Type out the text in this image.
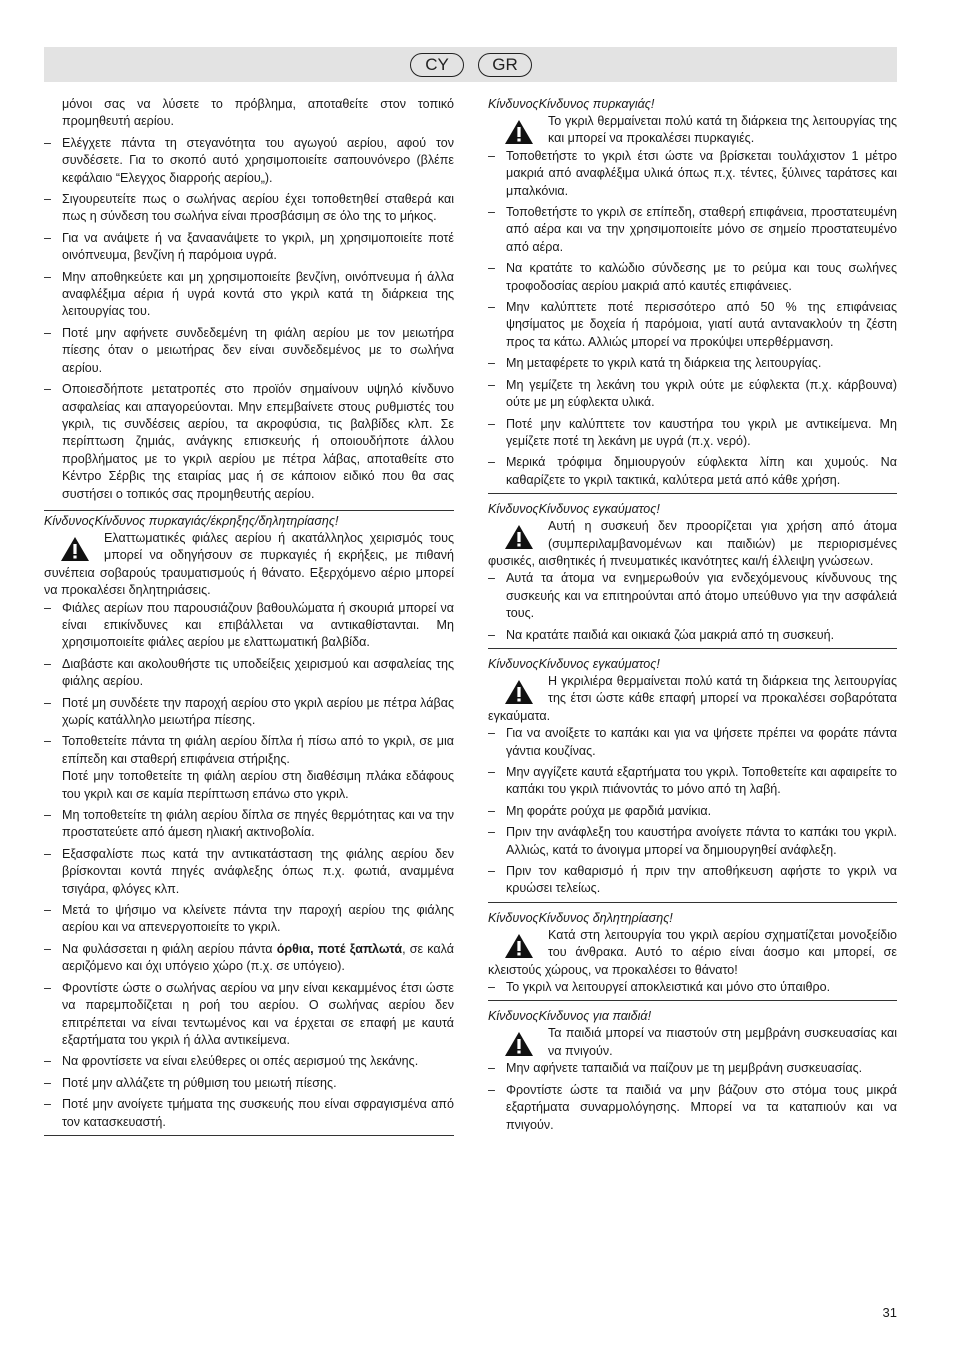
CY	GR

μόνοι σας να λύσετε το πρόβλημα, αποταθείτε στον τοπικό προμηθευτή αερίου.

– Ελέγχετε πάντα τη στεγανότητα του αγωγού αερίου, αφού τον συνδέσετε. Για το σκοπό αυτό χρησιμοποιείτε σαπουνόνερο (βλέπε κεφάλαιο “Ελεγχος διαρροής αερίου„).
– Σιγουρευτείτε πως ο σωλήνας αερίου έχει τοποθετηθεί σταθερά και πως η σύνδεση του σωλήνα είναι προσβάσιμη σε όλο της το μήκος.
– Για να ανάψετε ή να ξαναανάψετε το γκριλ, μη χρησιμοποιείτε ποτέ οινόπνευμα, βενζίνη ή παρόμοια υγρά.
– Μην αποθηκεύετε και μη χρησιμοποιείτε βενζίνη, οινόπνευμα ή άλλα αναφλέξιμα αέρια ή υγρά κοντά στο γκριλ κατά τη διάρκεια της λειτουργίας του.
– Ποτέ μην αφήνετε συνδεδεμένη τη φιάλη αερίου με τον μειωτήρα πίεσης όταν ο μειωτήρας δεν είναι συνδεδεμένος με το σωλήνα αερίου.
– Οποιεσδήποτε μετατροπές στο προϊόν σημαίνουν υψηλό κίνδυνο ασφαλείας και απαγορεύονται. Μην επεμβαίνετε στους ρυθμιστές του γκριλ, τις συνδέσεις αερίου, τα ακροφύσια, τις βαλβίδες κλπ. Σε περίπτωση ζημιάς, ανάγκης επισκευής ή οποιουδήποτε άλλου προβλήματος με το γκριλ αερίου με πέτρα λάβας, αποταθείτε στο Κέντρο Σέρβις της εταιρίας μας ή σε κάποιον ειδικό που θα σας συστήσει ο τοπικός σας προμηθευτής αερίου.
ΚίνδυνοςΚίνδυνος πυρκαγιάς/έκρηξης/δηλητηρίασης!

Ελαττωματικές φιάλες αερίου ή ακατάλληλος χειρισμός τους μπορεί να οδηγήσουν σε πυρκαγιές ή εκρήξεις, με πιθανή συνέπεια σοβαρούς τραυματισμούς ή θάνατο. Εξερχόμενο αέριο μπορεί να προκαλέσει δηλητηριάσεις.

– Φιάλες αερίων που παρουσιάζουν βαθουλώματα ή σκουριά μπορεί να είναι επικίνδυνες και επιβάλλεται να αντικαθίστανται. Μη χρησιμοποιείτε φιάλες αερίου με ελαττωματική βαλβίδα.
– Διαβάστε και ακολουθήστε τις υποδείξεις χειρισμού και ασφαλείας της φιάλης αερίου.
– Ποτέ μη συνδέετε την παροχή αερίου στο γκριλ αερίου με πέτρα λάβας χωρίς κατάλληλο μειωτήρα πίεσης.
– Τοποθετείτε πάντα τη φιάλη αερίου δίπλα ή πίσω από το γκριλ, σε μια επίπεδη και σταθερή επιφάνεια στήριξης.
Ποτέ μην τοποθετείτε τη φιάλη αερίου στη διαθέσιμη πλάκα εδάφους του γκριλ και σε καμία περίπτωση επάνω στο γκριλ.
– Μη τοποθετείτε τη φιάλη αερίου δίπλα σε πηγές θερμότητας και να την προστατεύετε από άμεση ηλιακή ακτινοβολία.
– Εξασφαλίστε πως κατά την αντικατάσταση της φιάλης αερίου δεν βρίσκονται κοντά πηγές ανάφλεξης όπως π.χ. φωτιά, αναμμένα τσιγάρα, φλόγες κλπ.
– Μετά το ψήσιμο να κλείνετε πάντα την παροχή αερίου της φιάλης αερίου και να απενεργοποιείτε το γκριλ.
– Να φυλάσσεται η φιάλη αερίου πάντα όρθια, ποτέ ξαπλωτά, σε καλά αεριζόμενο και όχι υπόγειο χώρο (π.χ. σε υπόγειο).
– Φροντίστε ώστε ο σωλήνας αερίου να μην είναι κεκαμμένος έτσι ώστε να παρεμποδίζεται η ροή του αερίου. Ο σωλήνας αερίου δεν επιτρέπεται να είναι τεντωμένος και να έρχεται σε επαφή με καυτά εξαρτήματα του γκριλ ή άλλα αντικείμενα.
– Να φροντίσετε να είναι ελεύθερες οι οπές αερισμού της λεκάνης.
– Ποτέ μην αλλάζετε τη ρύθμιση του μειωτή πίεσης.
– Ποτέ μην ανοίγετε τμήματα της συσκευής που είναι σφραγισμένα από τον κατασκευαστή.
ΚίνδυνοςΚίνδυνος πυρκαγιάς!

Το γκριλ θερμαίνεται πολύ κατά τη διάρκεια της λειτουργίας της και μπορεί να προκαλέσει πυρκαγιές.

– Τοποθετήστε το γκριλ έτσι ώστε να βρίσκεται τουλάχιστον 1 μέτρο μακριά από αναφλέξιμα υλικά όπως π.χ. τέντες, ξύλινες ταράτσες και μπαλκόνια.
– Τοποθετήστε το γκριλ σε επίπεδη, σταθερή επιφάνεια, προστατευμένη από αέρα και να την χρησιμοποιείτε μόνο σε σημείο προστατευμένο από αέρα.
– Να κρατάτε το καλώδιο σύνδεσης με το ρεύμα και τους σωλήνες τροφοδοσίας αερίου μακριά από καυτές επιφάνειες.
– Μην καλύπτετε ποτέ περισσότερο από 50 % της επιφάνειας ψησίματος με δοχεία ή παρόμοια, γιατί αυτά αντανακλούν τη ζέστη προς τα κάτω. Αλλιώς μπορεί να προκύψει υπερθέρμανση.
– Μη μεταφέρετε το γκριλ κατά τη διάρκεια της λειτουργίας.
– Μη γεμίζετε τη λεκάνη του γκριλ ούτε με εύφλεκτα (π.χ. κάρβουνα) ούτε με μη εύφλεκτα υλικά.
– Ποτέ μην καλύπτετε τον καυστήρα του γκριλ με αντικείμενα. Μη γεμίζετε ποτέ τη λεκάνη με υγρά (π.χ. νερό).
– Μερικά τρόφιμα δημιουργούν εύφλεκτα λίπη και χυμούς. Να καθαρίζετε το γκριλ τακτικά, καλύτερα μετά από κάθε χρήση.
ΚίνδυνοςΚίνδυνος εγκαύματος!

Αυτή η συσκευή δεν προορίζεται για χρήση από άτομα (συμπεριλαμβανομένων και παιδιών) με περιορισμένες φυσικές, αισθητικές ή πνευματικές ικανότητες και/ή έλλειψη γνώσεων.

– Αυτά τα άτομα να ενημερωθούν για ενδεχόμενους κίνδυνους της συσκευής και να επιτηρούνται από άτομο υπεύθυνο για την ασφάλειά τους.
– Να κρατάτε παιδιά και οικιακά ζώα μακριά από τη συσκευή.
ΚίνδυνοςΚίνδυνος εγκαύματος!

Η γκριλιέρα θερμαίνεται πολύ κατά τη διάρκεια της λειτουργίας της έτσι ώστε κάθε επαφή μπορεί να προκαλέσει σοβαρότατα εγκαύματα.

– Για να ανοίξετε το καπάκι και για να ψήσετε πρέπει να φοράτε πάντα γάντια κουζίνας.
– Μην αγγίζετε καυτά εξαρτήματα του γκριλ. Τοποθετείτε και αφαιρείτε το καπάκι του γκριλ πιάνοντάς το μόνο από τη λαβή.
– Μη φοράτε ρούχα με φαρδιά μανίκια.
– Πριν την ανάφλεξη του καυστήρα ανοίγετε πάντα το καπάκι του γκριλ. Αλλιώς, κατά το άνοιγμα μπορεί να δημιουργηθεί ανάφλεξη.
– Πριν τον καθαρισμό ή πριν την αποθήκευση αφήστε το γκριλ να κρυώσει τελείως.
ΚίνδυνοςΚίνδυνος δηλητηρίασης!

Κατά στη λειτουργία του γκριλ αερίου σχηματίζεται μονοξείδιο του άνθρακα. Αυτό το αέριο είναι άοσμο και μπορεί, σε κλειστούς χώρους, να προκαλέσει το θάνατο!

– Το γκριλ να λειτουργεί αποκλειστικά και μόνο στο ύπαιθρο.
ΚίνδυνοςΚίνδυνος για παιδιά!

Τα παιδιά μπορεί να πιαστούν στη μεμβράνη συσκευασίας και να πνιγούν.

– Μην αφήνετε ταπαιδιά να παίζουν με τη μεμβράνη συσκευασίας.
– Φροντίστε ώστε τα παιδιά να μην βάζουν στο στόμα τους μικρά εξαρτήματα συναρμολόγησης. Μπορεί να τα καταπιούν και να πνιγούν.
31
